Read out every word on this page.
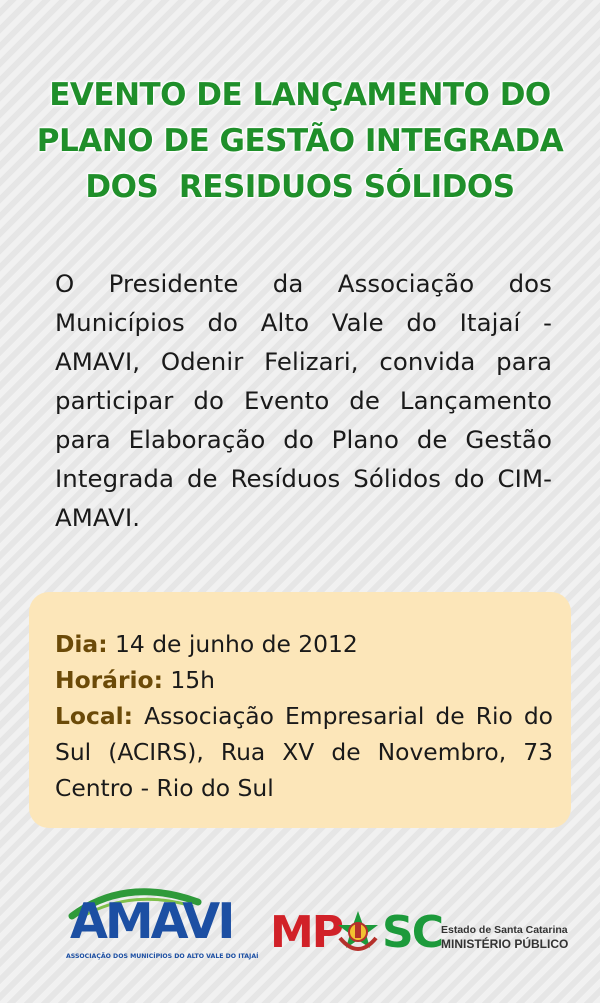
EVENTO DE LANÇAMENTO DO
PLANO DE GESTÃO INTEGRADA
DOS  RESIDUOS SÓLIDOS

O Presidente da Associação dos Municípios do Alto Vale do Itajaí - AMAVI, Odenir Felizari, convida para participar do Evento de Lançamento para Elaboração do Plano de Gestão Integrada de Resíduos Sólidos do CIM-AMAVI.

Dia: 14 de junho de 2012
Horário: 15h
Local: Associação Empresarial de Rio do Sul (ACIRS), Rua XV de Novembro, 73 Centro - Rio do Sul
AMAVI
ASSOCIAÇÃO DOS MUNICÍPIOS DO ALTO VALE DO ITAJAÍ MP SC Estado de Santa Catarina
MINISTÉRIO PÚBLICO
